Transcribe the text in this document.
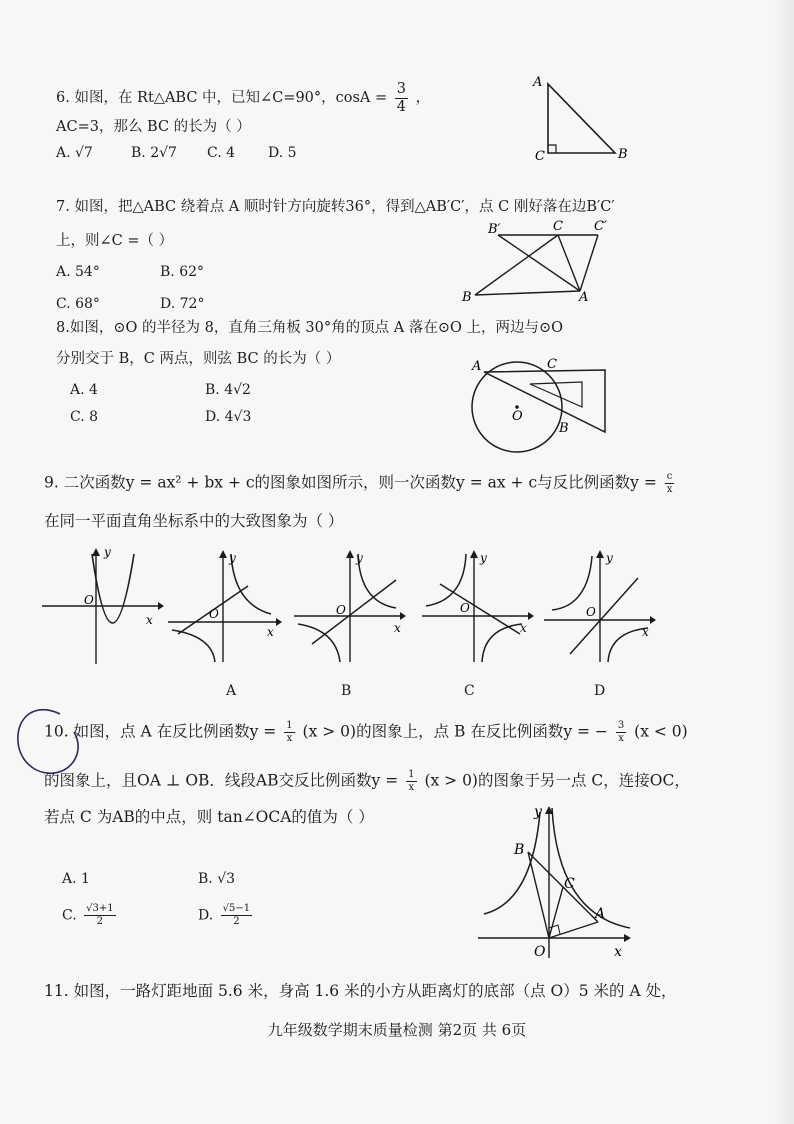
6. 如图，在 Rt△ABC 中，已知∠C=90°，$\cos A = \frac{3}{4}$ ，
AC=3，那么 BC 的长为（ ）
A. √7	B. 2√7 C. 4 D. 5
A
C	B
7. 如图，把△ABC 绕着点 A 顺时针方向旋转36°，得到△AB′C′，点 C 刚好落在边B′C′
上，则∠C =（ ）
A. 54°	B. 62°
C. 68°	D. 72°
B′	C C′
B	A
8.如图，⊙O 的半径为 8，直角三角板 30°角的顶点 A 落在⊙O 上，两边与⊙O
分别交于 B，C 两点，则弦 BC 的长为（ ）
A. 4	B. 4√2
C. 8	D. 4√3
A	C
O
B
9. 二次函数y = ax² + bx + c的图象如图所示，则一次函数y = ax + c与反比例函数$y = \frac{c}{x}$
在同一平面直角坐标系中的大致图象为（ ）
y
O
x
y
O
x
y
O
x
y
O
x
y
O
x
A	B	C	D
10. 如图，点 A 在反比例函数$y = \frac{1}{x} (x > 0)$的图象上，点 B 在反比例函数y = − $\frac{3}{x} (x < 0)$
的图象上，且OA ⊥ OB．线段AB交反比例函数$y = \frac{1}{x} (x > 0)$的图象于另一点 C，连接OC，
若点 C 为AB的中点，则 tan∠OCA的值为（ ）
A. 1	B. √3
C. $\frac{√3+1}{2}$	D. $\frac{√5-1}{2}$
y
B
C
A
O	x
11. 如图，一路灯距地面 5.6 米，身高 1.6 米的小方从距离灯的底部（点 O）5 米的 A 处，
九年级数学期末质量检测 第2页 共 6页
